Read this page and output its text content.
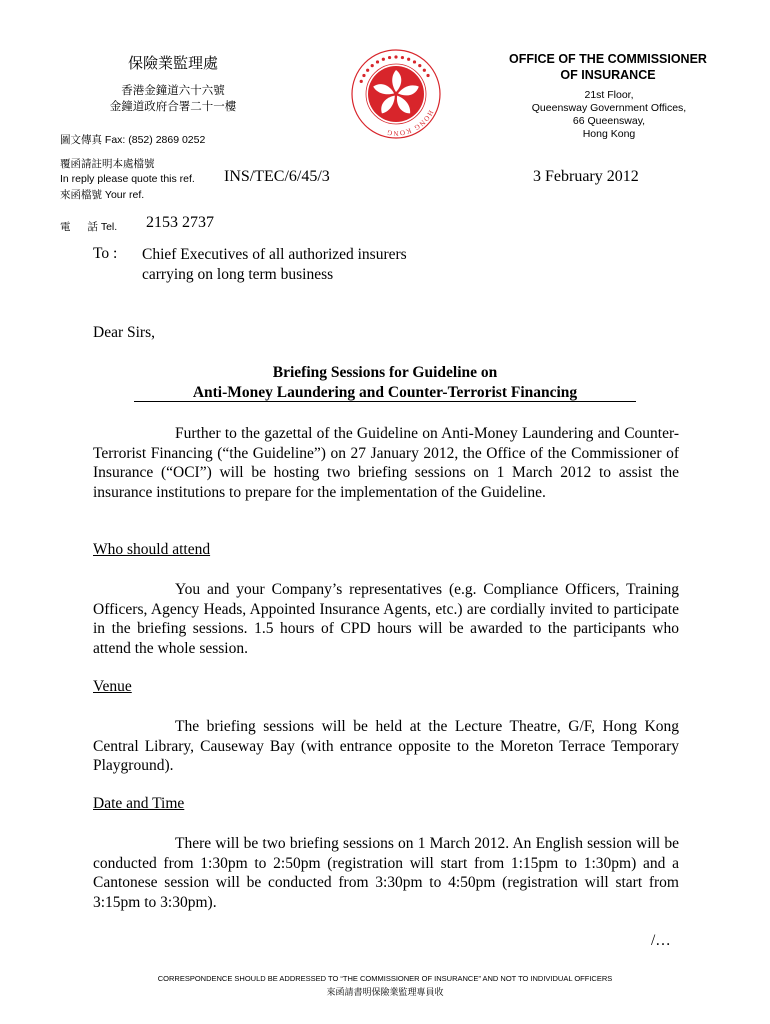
保險業監理處
香港金鐘道六十六號
金鐘道政府合署二十一樓
HONG KONG
OFFICE OF THE COMMISSIONER
OF INSURANCE
21st Floor,
Queensway Government Offices,
66 Queensway,
Hong Kong
圖文傳真 Fax: (852) 2869 0252
覆函請註明本處檔號
In reply please quote this ref. INS/TEC/6/45/3	3 February 2012
來函檔號 Your ref.
電 話 Tel. 2153 2737
To : Chief Executives of all authorized insurers
carrying on long term business
Dear Sirs,
Briefing Sessions for Guideline on
Anti-Money Laundering and Counter-Terrorist Financing
Further to the gazettal of the Guideline on Anti-Money Laundering and Counter-Terrorist Financing (“the Guideline”) on 27 January 2012, the Office of the Commissioner of Insurance (“OCI”) will be hosting two briefing sessions on 1 March 2012 to assist the insurance institutions to prepare for the implementation of the Guideline.
Who should attend
You and your Company’s representatives (e.g. Compliance Officers, Training Officers, Agency Heads, Appointed Insurance Agents, etc.) are cordially invited to participate in the briefing sessions. 1.5 hours of CPD hours will be awarded to the participants who attend the whole session.
Venue
The briefing sessions will be held at the Lecture Theatre, G/F, Hong Kong Central Library, Causeway Bay (with entrance opposite to the Moreton Terrace Temporary Playground).
Date and Time
There will be two briefing sessions on 1 March 2012. An English session will be conducted from 1:30pm to 2:50pm (registration will start from 1:15pm to 1:30pm) and a Cantonese session will be conducted from 3:30pm to 4:50pm (registration will start from 3:15pm to 3:30pm).
/…
CORRESPONDENCE SHOULD BE ADDRESSED TO “THE COMMISSIONER OF INSURANCE” AND NOT TO INDIVIDUAL OFFICERS
來函請書明保險業監理專員收
